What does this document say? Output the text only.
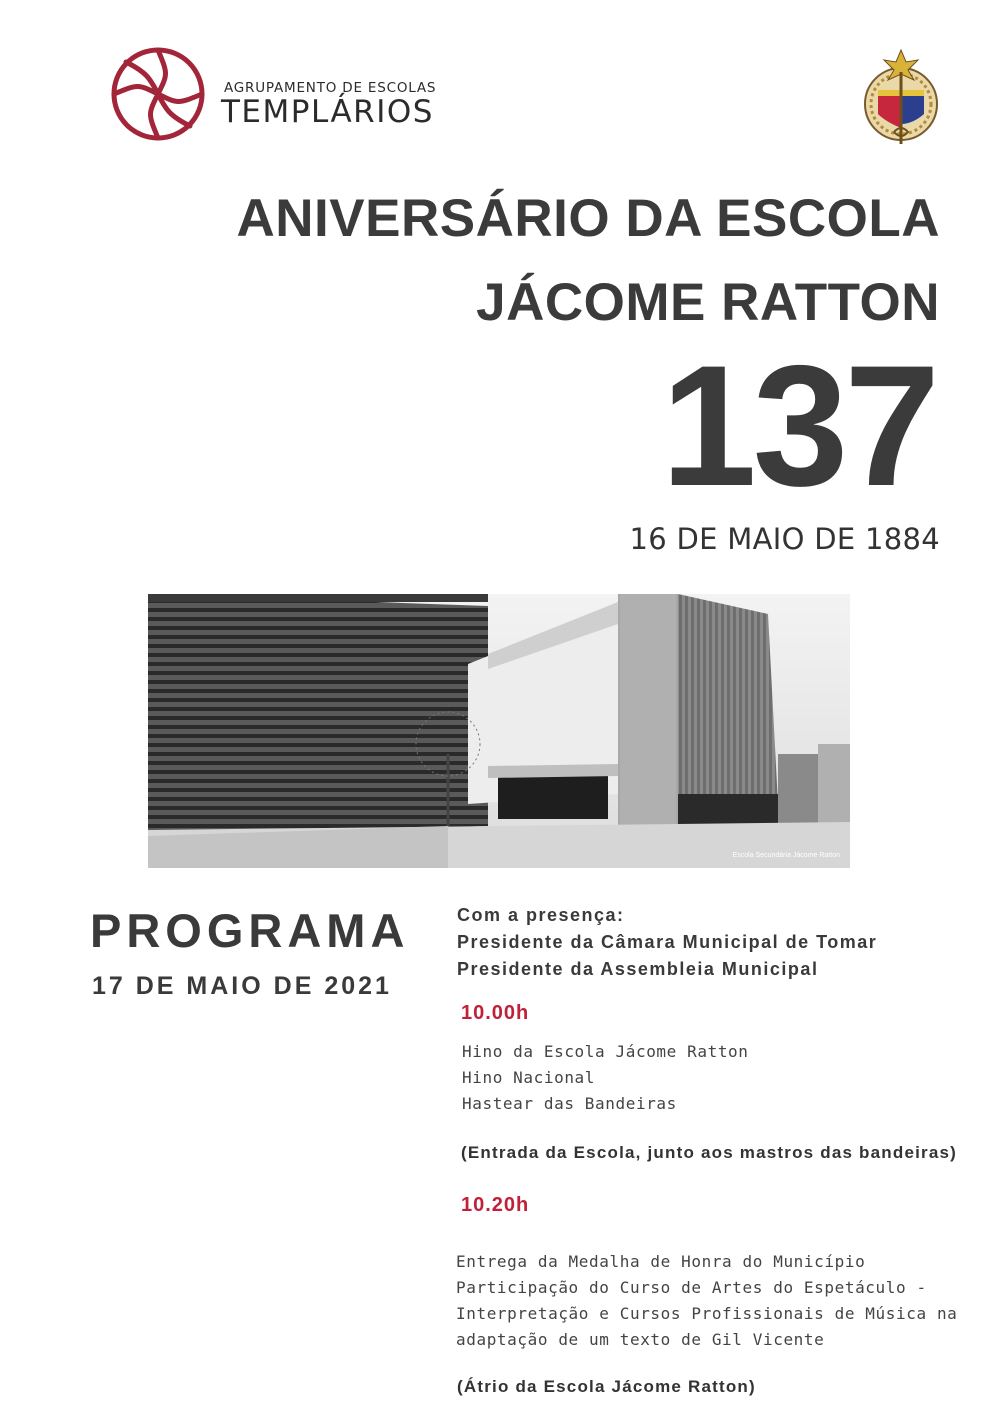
AGRUPAMENTO DE ESCOLAS
TEMPLÁRIOS
ANIVERSÁRIO DA ESCOLA
JÁCOME RATTON
137
16 DE MAIO DE 1884
Escola Secundária Jácome Ratton
PROGRAMA
17 DE MAIO DE 2021
Com a presença:
Presidente da Câmara Municipal de Tomar
Presidente da Assembleia Municipal
10.00h
Hino da Escola Jácome Ratton
Hino Nacional
Hastear das Bandeiras
(Entrada da Escola, junto aos mastros das bandeiras)
10.20h
Entrega da Medalha de Honra do Município
Participação do Curso de Artes do Espetáculo -
Interpretação e Cursos Profissionais de Música na
adaptação de um texto de Gil Vicente
(Átrio da Escola Jácome Ratton)
